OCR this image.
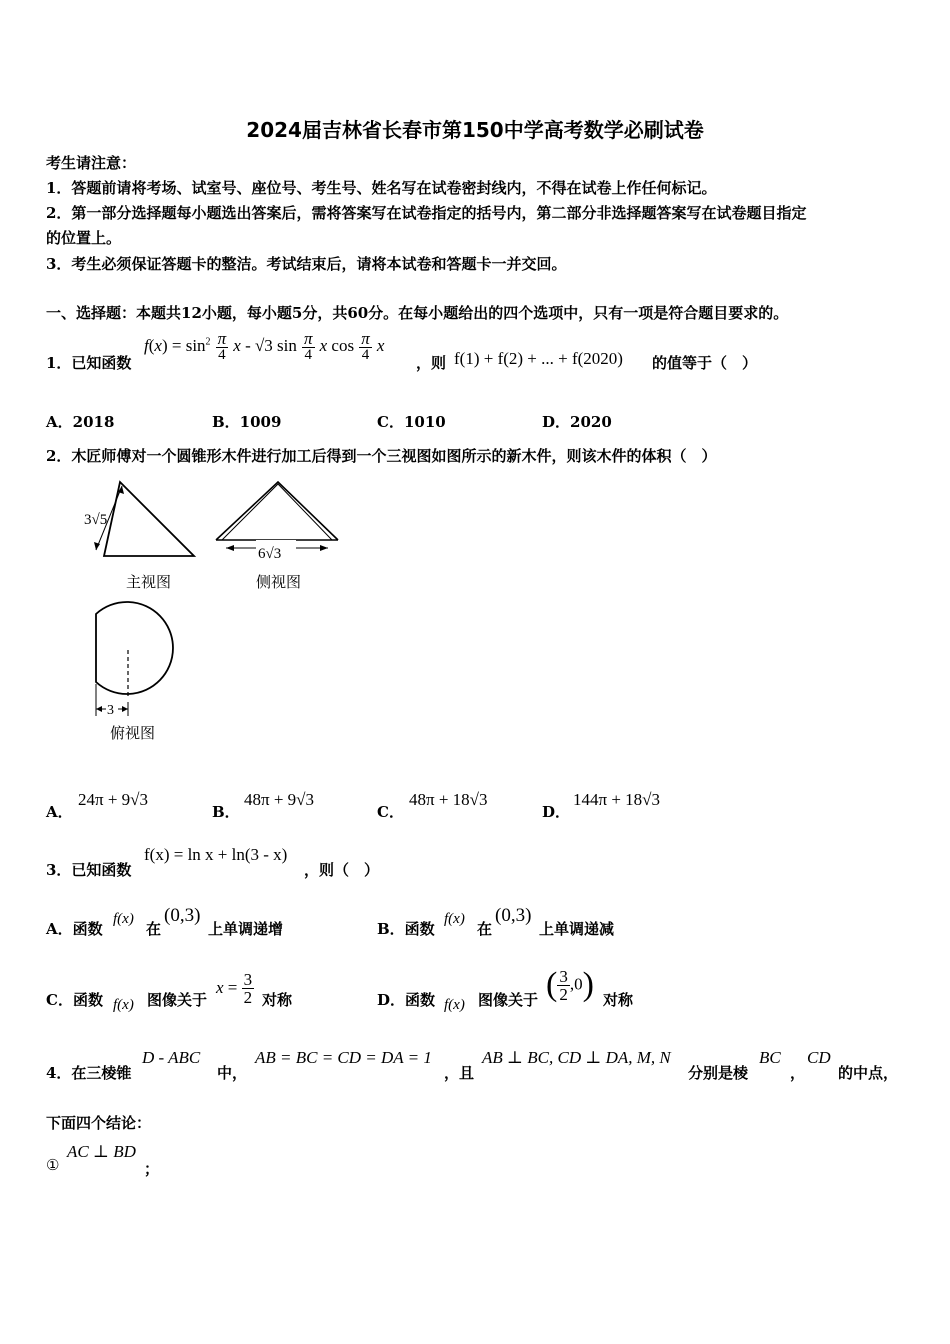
2024届吉林省长春市第150中学高考数学必刷试卷
考生请注意：
1．答题前请将考场、试室号、座位号、考生号、姓名写在试卷密封线内，不得在试卷上作任何标记。
2．第一部分选择题每小题选出答案后，需将答案写在试卷指定的括号内，第二部分非选择题答案写在试卷题目指定
的位置上。
3．考生必须保证答题卡的整洁。考试结束后，请将本试卷和答题卡一并交回。
一、选择题：本题共12小题，每小题5分，共60分。在每小题给出的四个选项中，只有一项是符合题目要求的。
1．已知函数
$f(x) = \sin^2 \frac{\pi}{4}$ x - √3 $\sin \frac{\pi}{4}$ x $\cos \frac{\pi}{4}$ x
，则 f(1) + f(2) + ... + f(2020) 的值等于（　）
A．2018	B．1009	C．1010	D．2020
2．木匠师傅对一个圆锥形木件进行加工后得到一个三视图如图所示的新木件，则该木件的体积（　）
3√5
主视图
6√3
侧视图
3
俯视图
A．
24π + 9√3
B．
48π + 9√3
C．
48π + 18√3
D．
144π + 18√3
3．已知函数
f(x) = ln x + ln(3 - x)
，则（　）
A．函数
f(x)
在
(0,3)
上单调递增	B．函数
f(x)
在
(0,3)
上单调递减
C．函数 f(x) 图像关于
$x = \frac{3}{2}$ 对称	D．函数 f(x) 图像关于 ( $\frac{3}{2} ,0$) 对称
4．在三棱锥
D - ABC
中，
AB = BC = CD = DA = 1
，且
AB ⊥ BC, CD ⊥ DA, M, N
分别是棱
BC
，
CD
的中点，
下面四个结论：
①
AC ⊥ BD
；
